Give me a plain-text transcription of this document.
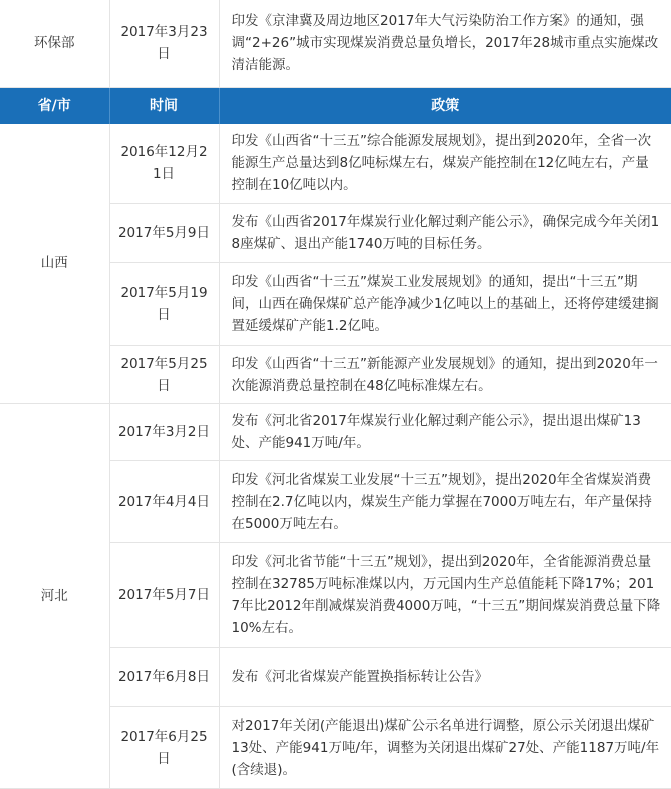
环保部	2017年3月23日	印发《京津冀及周边地区2017年大气污染防治工作方案》的通知，强调“2+26”城市实现煤炭消费总量负增长，2017年28城市重点实施煤改清洁能源。
省/市	时间	政策
山西	2016年12月21日	印发《山西省“十三五”综合能源发展规划》，提出到2020年，全省一次能源生产总量达到8亿吨标煤左右，煤炭产能控制在12亿吨左右，产量控制在10亿吨以内。
	2017年5月9日	发布《山西省2017年煤炭行业化解过剩产能公示》，确保完成今年关闭18座煤矿、退出产能1740万吨的目标任务。
	2017年5月19日	印发《山西省“十三五”煤炭工业发展规划》的通知，提出“十三五”期间，山西在确保煤矿总产能净减少1亿吨以上的基础上，还将停建缓建搁置延缓煤矿产能1.2亿吨。
	2017年5月25日	印发《山西省“十三五”新能源产业发展规划》的通知，提出到2020年一次能源消费总量控制在48亿吨标准煤左右。
河北	2017年3月2日	发布《河北省2017年煤炭行业化解过剩产能公示》，提出退出煤矿13处、产能941万吨/年。
	2017年4月4日	印发《河北省煤炭工业发展“十三五”规划》，提出2020年全省煤炭消费控制在2.7亿吨以内，煤炭生产能力掌握在7000万吨左右，年产量保持在5000万吨左右。
	2017年5月7日	印发《河北省节能“十三五”规划》，提出到2020年，全省能源消费总量控制在32785万吨标准煤以内，万元国内生产总值能耗下降17%；2017年比2012年削减煤炭消费4000万吨，“十三五”期间煤炭消费总量下降10%左右。
	2017年6月8日	发布《河北省煤炭产能置换指标转让公告》
	2017年6月25日	对2017年关闭(产能退出)煤矿公示名单进行调整，原公示关闭退出煤矿13处、产能941万吨/年，调整为关闭退出煤矿27处、产能1187万吨/年(含续退)。
